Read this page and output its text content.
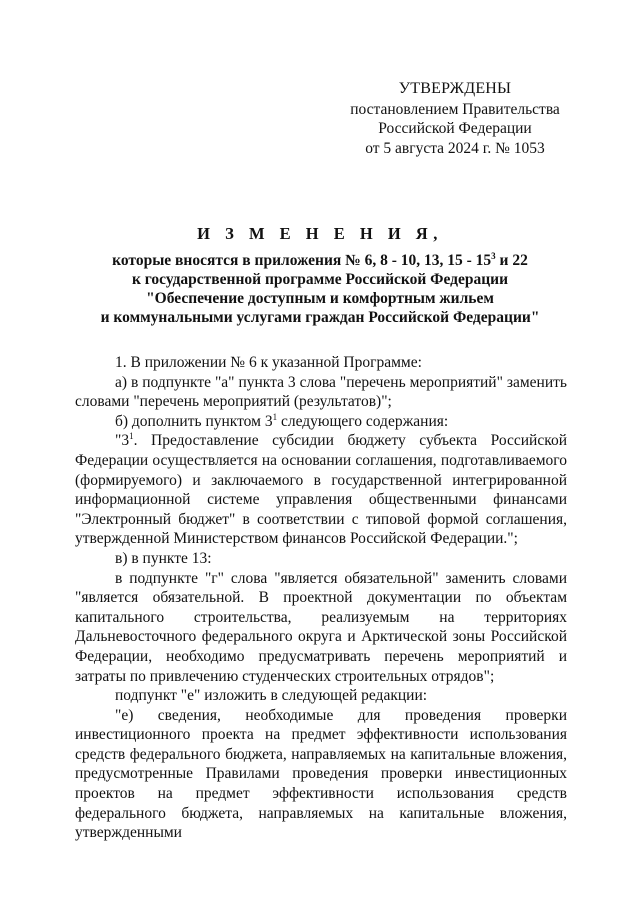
УТВЕРЖДЕНЫ
постановлением Правительства
Российской Федерации
от 5 августа 2024 г. № 1053
И З М Е Н Е Н И Я,
которые вносятся в приложения № 6, 8 - 10, 13, $15 - 15^3$ и 22
к государственной программе Российской Федерации
"Обеспечение доступным и комфортным жильем
и коммунальными услугами граждан Российской Федерации"

1. В приложении № 6 к указанной Программе:

а) в подпункте "а" пункта 3 слова "перечень мероприятий" заменить словами "перечень мероприятий (результатов)";

б) дополнить пунктом $3^1$ следующего содержания:

"$3^1$. Предоставление субсидии бюджету субъекта Российской Федерации осуществляется на основании соглашения, подготавливаемого (формируемого) и заключаемого в государственной интегрированной информационной системе управления общественными финансами "Электронный бюджет" в соответствии с типовой формой соглашения, утвержденной Министерством финансов Российской Федерации.";

в) в пункте 13:

в подпункте "г" слова "является обязательной" заменить словами "является обязательной. В проектной документации по объектам капитального строительства, реализуемым на территориях Дальневосточного федерального округа и Арктической зоны Российской Федерации, необходимо предусматривать перечень мероприятий и затраты по привлечению студенческих строительных отрядов";

подпункт "е" изложить в следующей редакции:

"е) сведения, необходимые для проведения проверки инвестиционного проекта на предмет эффективности использования средств федерального бюджета, направляемых на капитальные вложения, предусмотренные Правилами проведения проверки инвестиционных проектов на предмет эффективности использования средств федерального бюджета, направляемых на капитальные вложения, утвержденными
